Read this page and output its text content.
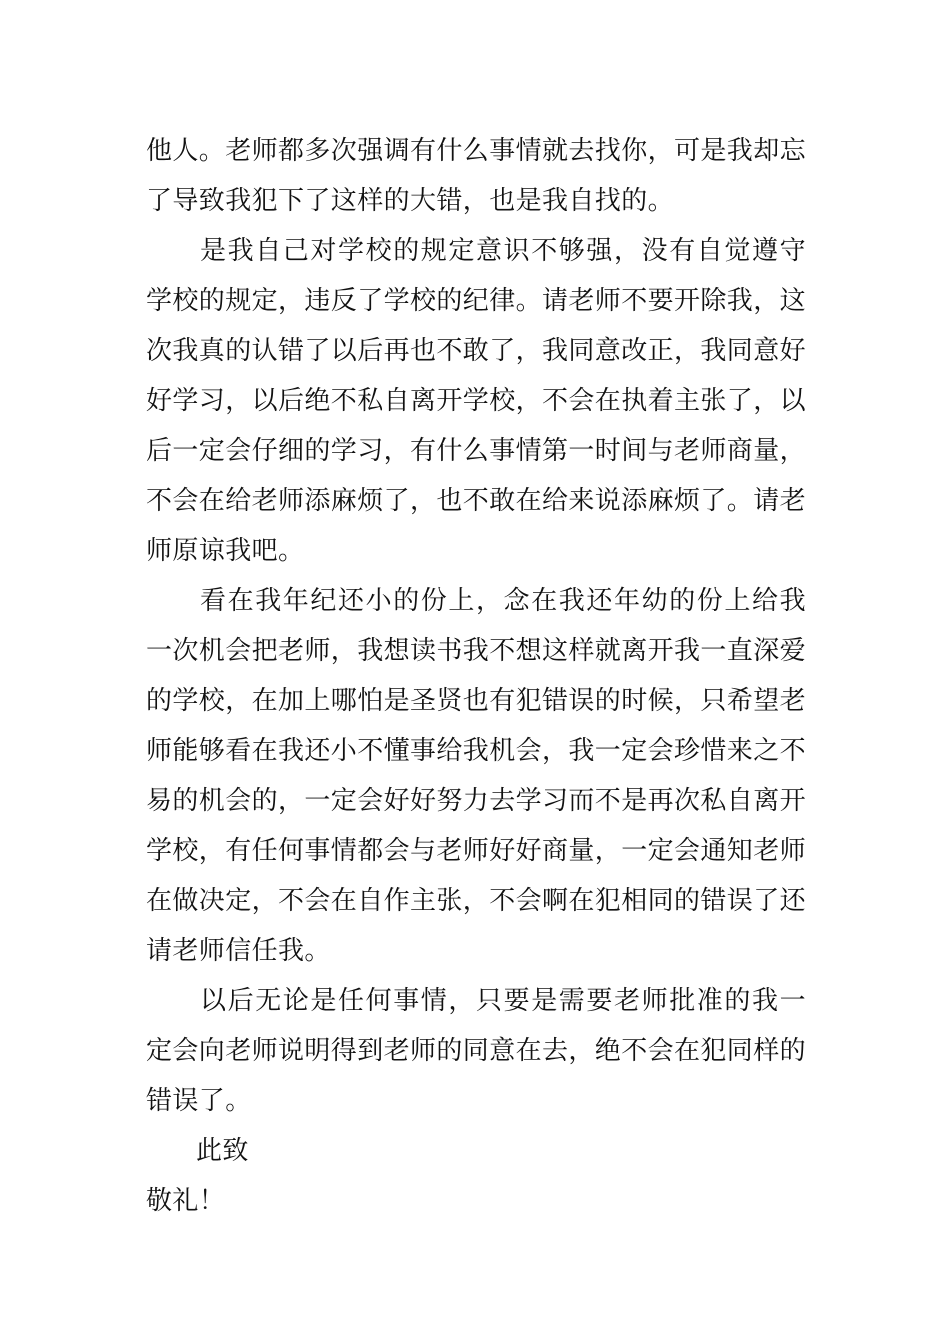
他人。老师都多次强调有什么事情就去找你，可是我却忘了导致我犯下了这样的大错，也是我自找的。

是我自己对学校的规定意识不够强，没有自觉遵守学校的规定，违反了学校的纪律。请老师不要开除我，这次我真的认错了以后再也不敢了，我同意改正，我同意好好学习，以后绝不私自离开学校，不会在执着主张了，以后一定会仔细的学习，有什么事情第一时间与老师商量，不会在给老师添麻烦了，也不敢在给来说添麻烦了。请老师原谅我吧。

看在我年纪还小的份上，念在我还年幼的份上给我一次机会把老师，我想读书我不想这样就离开我一直深爱的学校，在加上哪怕是圣贤也有犯错误的时候，只希望老师能够看在我还小不懂事给我机会，我一定会珍惜来之不易的机会的，一定会好好努力去学习而不是再次私自离开学校，有任何事情都会与老师好好商量，一定会通知老师在做决定，不会在自作主张，不会啊在犯相同的错误了还请老师信任我。

以后无论是任何事情，只要是需要老师批准的我一定会向老师说明得到老师的同意在去，绝不会在犯同样的错误了。

此致

敬礼！
